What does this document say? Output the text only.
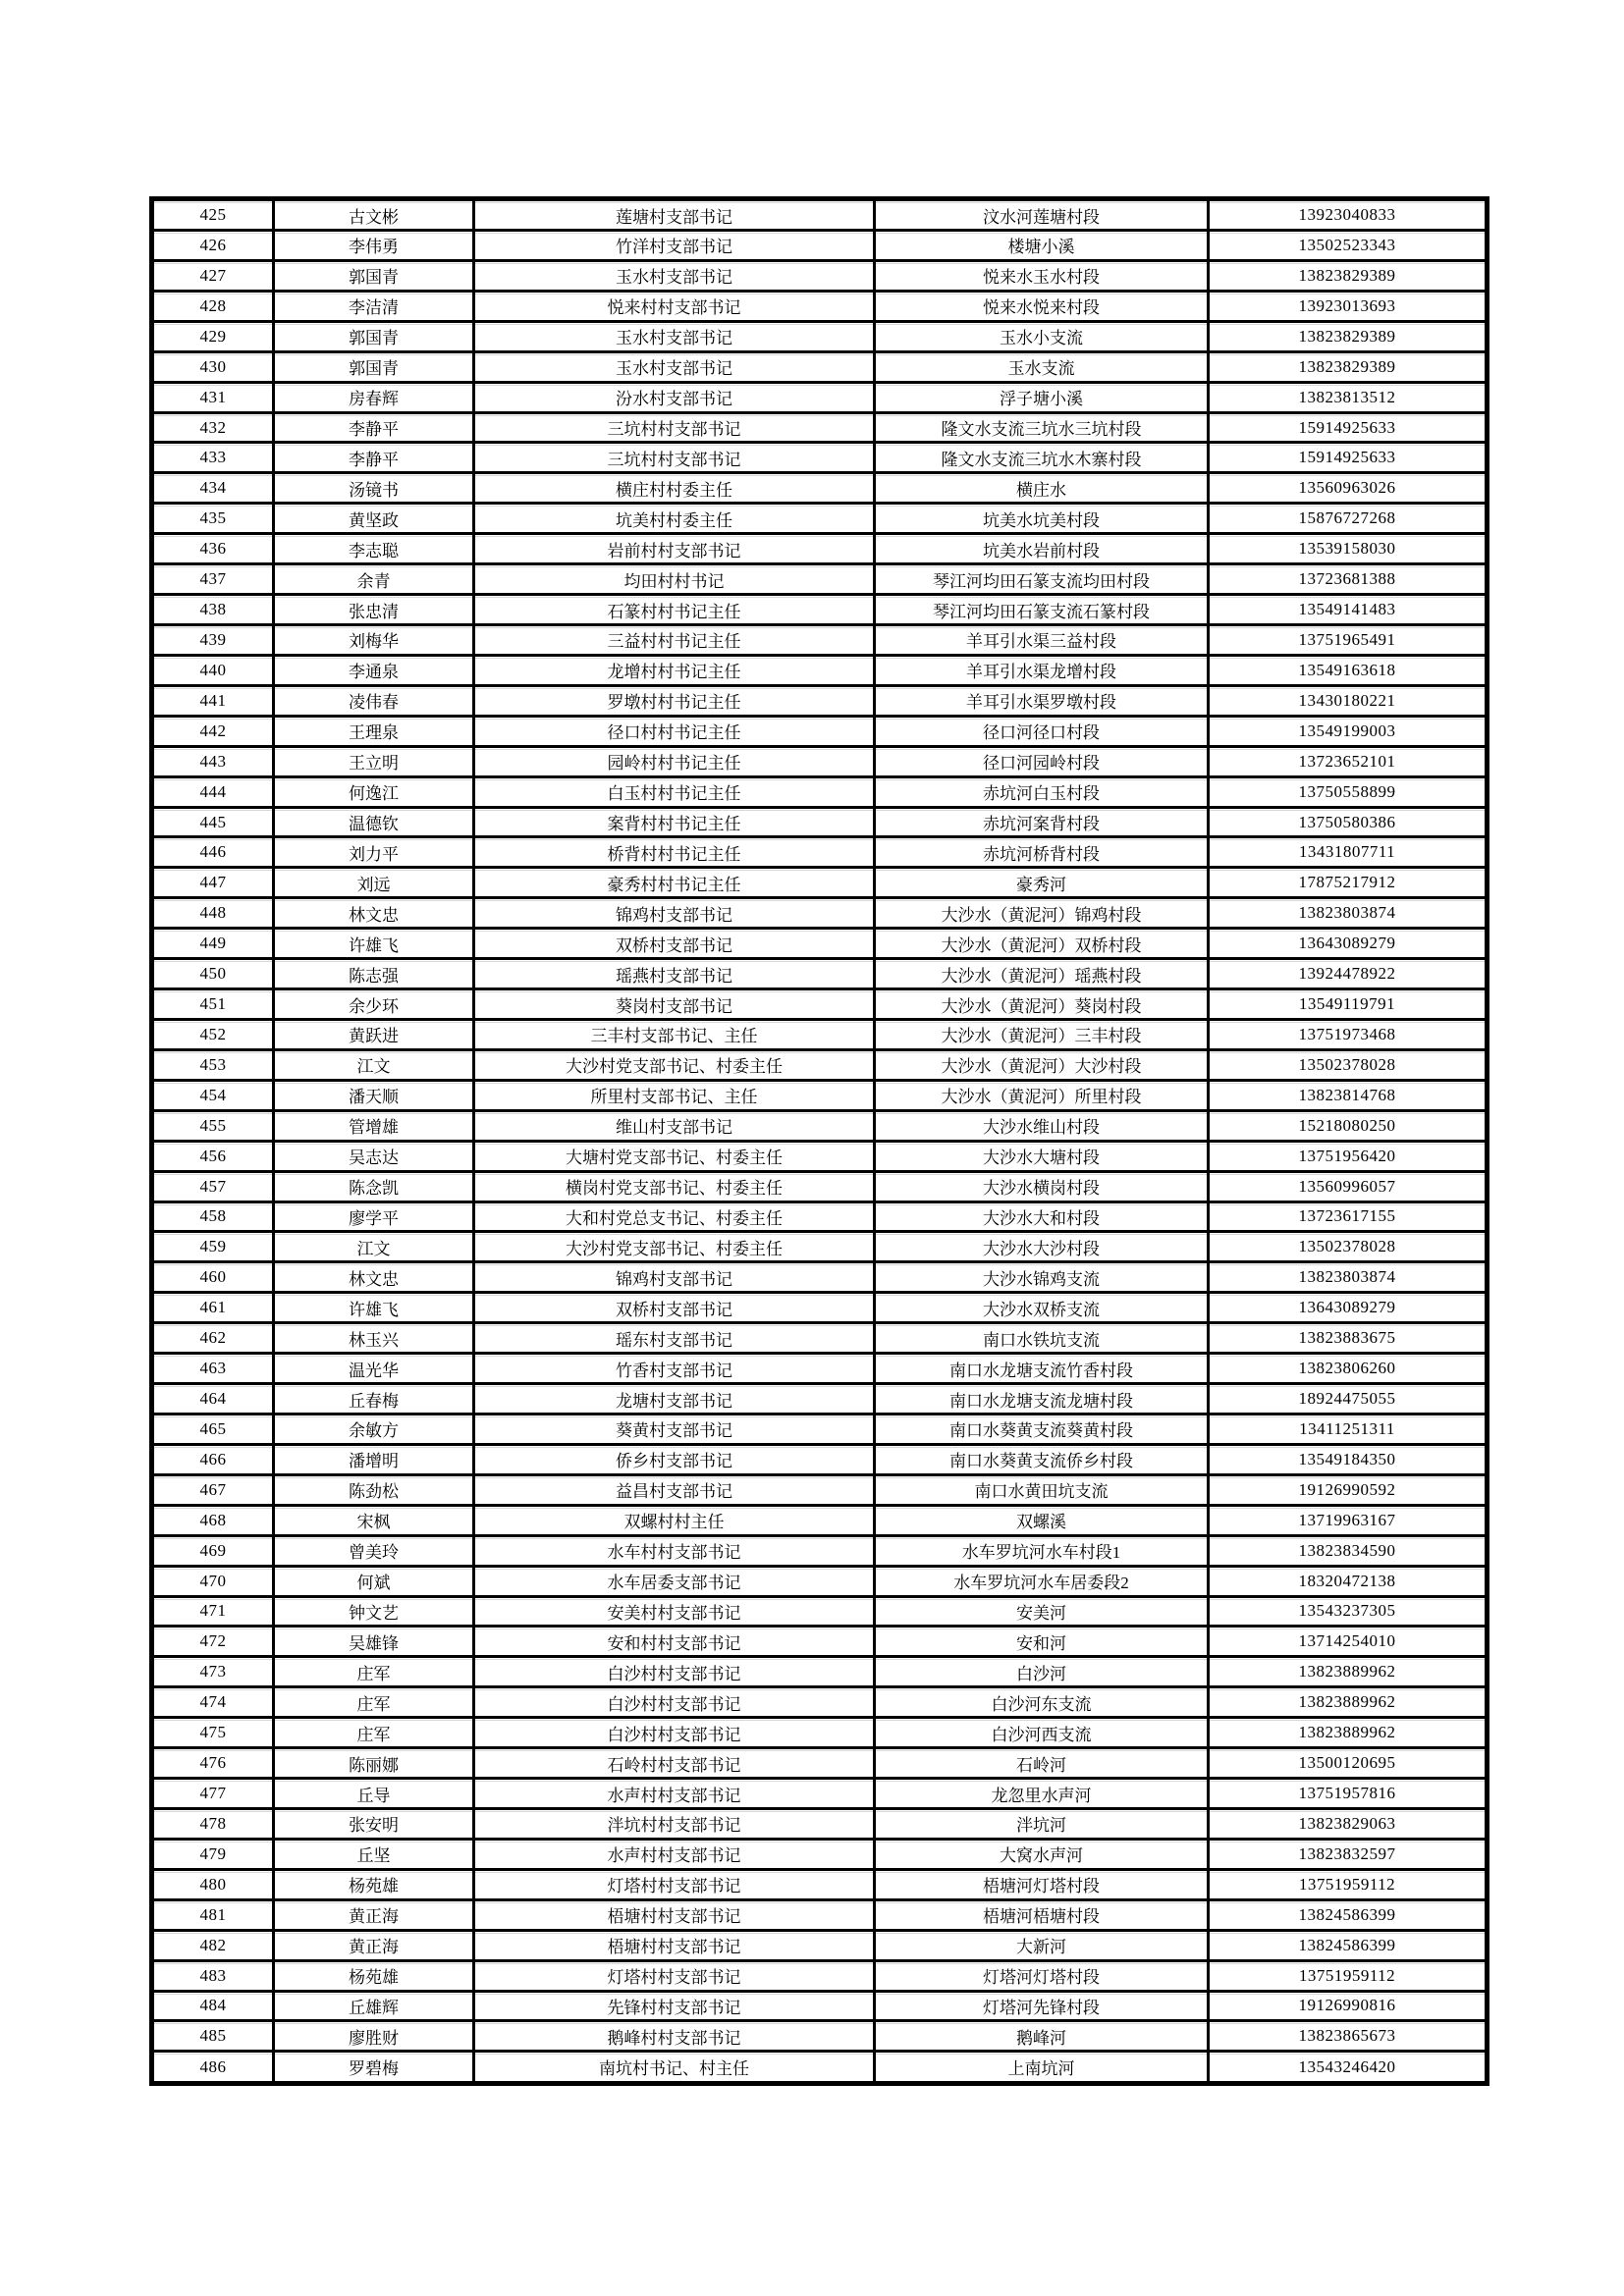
425	古文彬	莲塘村支部书记	汶水河莲塘村段	13923040833
426	李伟勇	竹洋村支部书记	楼塘小溪	13502523343
427	郭国青	玉水村支部书记	悦来水玉水村段	13823829389
428	李洁清	悦来村村支部书记	悦来水悦来村段	13923013693
429	郭国青	玉水村支部书记	玉水小支流	13823829389
430	郭国青	玉水村支部书记	玉水支流	13823829389
431	房春辉	汾水村支部书记	浮子塘小溪	13823813512
432	李静平	三坑村村支部书记	隆文水支流三坑水三坑村段	15914925633
433	李静平	三坑村村支部书记	隆文水支流三坑水木寨村段	15914925633
434	汤镜书	横庄村村委主任	横庄水	13560963026
435	黄坚政	坑美村村委主任	坑美水坑美村段	15876727268
436	李志聪	岩前村村支部书记	坑美水岩前村段	13539158030
437	余青	均田村村书记	琴江河均田石篆支流均田村段	13723681388
438	张忠清	石篆村村书记主任	琴江河均田石篆支流石篆村段	13549141483
439	刘梅华	三益村村书记主任	羊耳引水渠三益村段	13751965491
440	李通泉	龙增村村书记主任	羊耳引水渠龙增村段	13549163618
441	凌伟春	罗墩村村书记主任	羊耳引水渠罗墩村段	13430180221
442	王理泉	径口村村书记主任	径口河径口村段	13549199003
443	王立明	园岭村村书记主任	径口河园岭村段	13723652101
444	何逸江	白玉村村书记主任	赤坑河白玉村段	13750558899
445	温德钦	案背村村书记主任	赤坑河案背村段	13750580386
446	刘力平	桥背村村书记主任	赤坑河桥背村段	13431807711
447	刘远	豪秀村村书记主任	豪秀河	17875217912
448	林文忠	锦鸡村支部书记	大沙水（黄泥河）锦鸡村段	13823803874
449	许雄飞	双桥村支部书记	大沙水（黄泥河）双桥村段	13643089279
450	陈志强	瑶燕村支部书记	大沙水（黄泥河）瑶燕村段	13924478922
451	余少环	葵岗村支部书记	大沙水（黄泥河）葵岗村段	13549119791
452	黄跃进	三丰村支部书记、主任	大沙水（黄泥河）三丰村段	13751973468
453	江文	大沙村党支部书记、村委主任	大沙水（黄泥河）大沙村段	13502378028
454	潘天顺	所里村支部书记、主任	大沙水（黄泥河）所里村段	13823814768
455	管增雄	维山村支部书记	大沙水维山村段	15218080250
456	吴志达	大塘村党支部书记、村委主任	大沙水大塘村段	13751956420
457	陈念凯	横岗村党支部书记、村委主任	大沙水横岗村段	13560996057
458	廖学平	大和村党总支书记、村委主任	大沙水大和村段	13723617155
459	江文	大沙村党支部书记、村委主任	大沙水大沙村段	13502378028
460	林文忠	锦鸡村支部书记	大沙水锦鸡支流	13823803874
461	许雄飞	双桥村支部书记	大沙水双桥支流	13643089279
462	林玉兴	瑶东村支部书记	南口水铁坑支流	13823883675
463	温光华	竹香村支部书记	南口水龙塘支流竹香村段	13823806260
464	丘春梅	龙塘村支部书记	南口水龙塘支流龙塘村段	18924475055
465	余敏方	葵黄村支部书记	南口水葵黄支流葵黄村段	13411251311
466	潘增明	侨乡村支部书记	南口水葵黄支流侨乡村段	13549184350
467	陈劲松	益昌村支部书记	南口水黄田坑支流	19126990592
468	宋枫	双螺村村主任	双螺溪	13719963167
469	曾美玲	水车村村支部书记	水车罗坑河水车村段1	13823834590
470	何斌	水车居委支部书记	水车罗坑河水车居委段2	18320472138
471	钟文艺	安美村村支部书记	安美河	13543237305
472	吴雄锋	安和村村支部书记	安和河	13714254010
473	庄军	白沙村村支部书记	白沙河	13823889962
474	庄军	白沙村村支部书记	白沙河东支流	13823889962
475	庄军	白沙村村支部书记	白沙河西支流	13823889962
476	陈丽娜	石岭村村支部书记	石岭河	13500120695
477	丘导	水声村村支部书记	龙忽里水声河	13751957816
478	张安明	泮坑村村支部书记	泮坑河	13823829063
479	丘坚	水声村村支部书记	大窝水声河	13823832597
480	杨苑雄	灯塔村村支部书记	梧塘河灯塔村段	13751959112
481	黄正海	梧塘村村支部书记	梧塘河梧塘村段	13824586399
482	黄正海	梧塘村村支部书记	大新河	13824586399
483	杨苑雄	灯塔村村支部书记	灯塔河灯塔村段	13751959112
484	丘雄辉	先锋村村支部书记	灯塔河先锋村段	19126990816
485	廖胜财	鹅峰村村支部书记	鹅峰河	13823865673
486	罗碧梅	南坑村书记、村主任	上南坑河	13543246420
